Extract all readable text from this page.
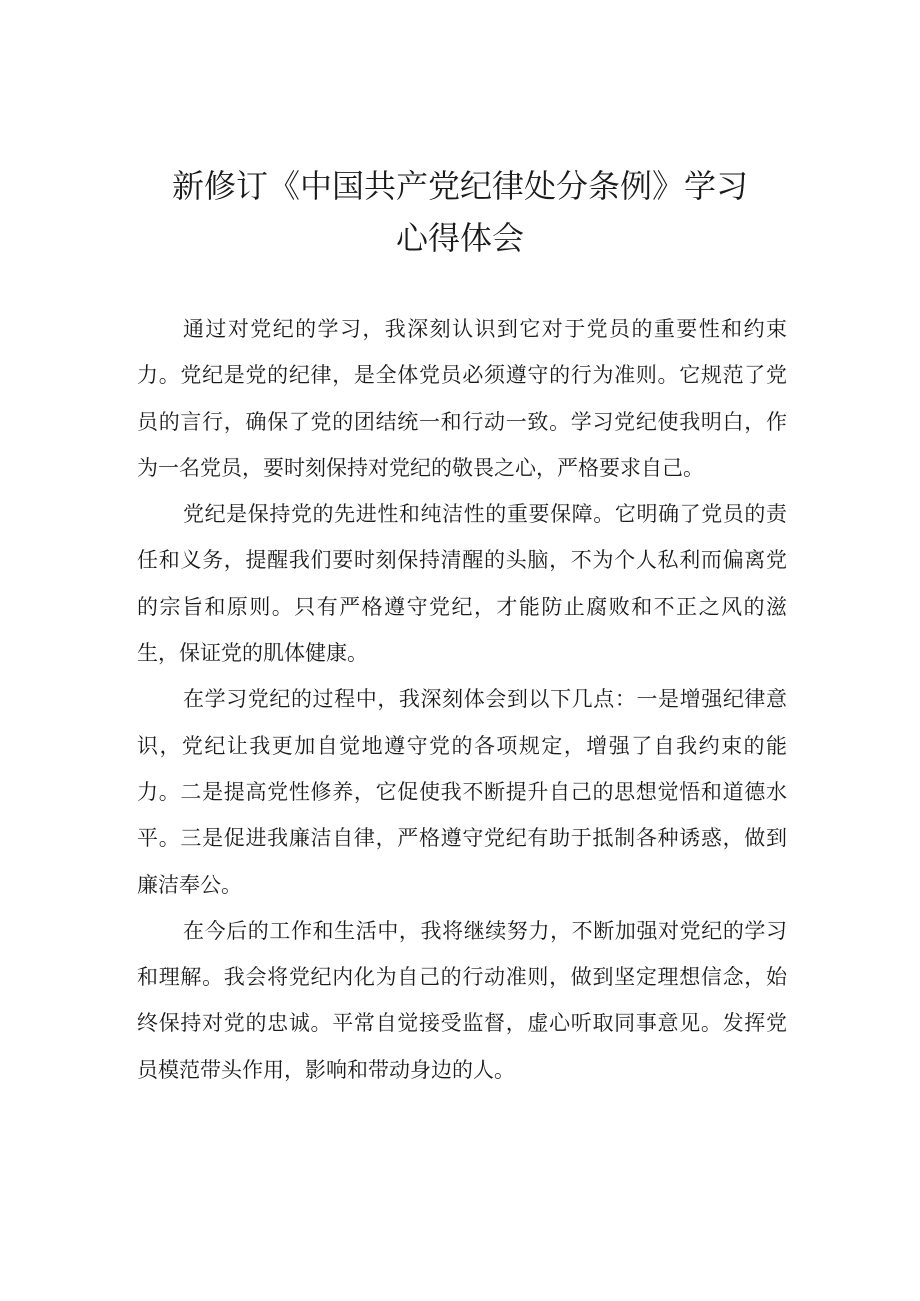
新修订《中国共产党纪律处分条例》学习
心得体会

通过对党纪的学习，我深刻认识到它对于党员的重要性和约束力。党纪是党的纪律，是全体党员必须遵守的行为准则。它规范了党员的言行，确保了党的团结统一和行动一致。学习党纪使我明白，作为一名党员，要时刻保持对党纪的敬畏之心，严格要求自己。

党纪是保持党的先进性和纯洁性的重要保障。它明确了党员的责任和义务，提醒我们要时刻保持清醒的头脑，不为个人私利而偏离党的宗旨和原则。只有严格遵守党纪，才能防止腐败和不正之风的滋生，保证党的肌体健康。

在学习党纪的过程中，我深刻体会到以下几点：一是增强纪律意识，党纪让我更加自觉地遵守党的各项规定，增强了自我约束的能力。二是提高党性修养，它促使我不断提升自己的思想觉悟和道德水平。三是促进我廉洁自律，严格遵守党纪有助于抵制各种诱惑，做到廉洁奉公。

在今后的工作和生活中，我将继续努力，不断加强对党纪的学习和理解。我会将党纪内化为自己的行动准则，做到坚定理想信念，始终保持对党的忠诚。平常自觉接受监督，虚心听取同事意见。发挥党员模范带头作用，影响和带动身边的人。
